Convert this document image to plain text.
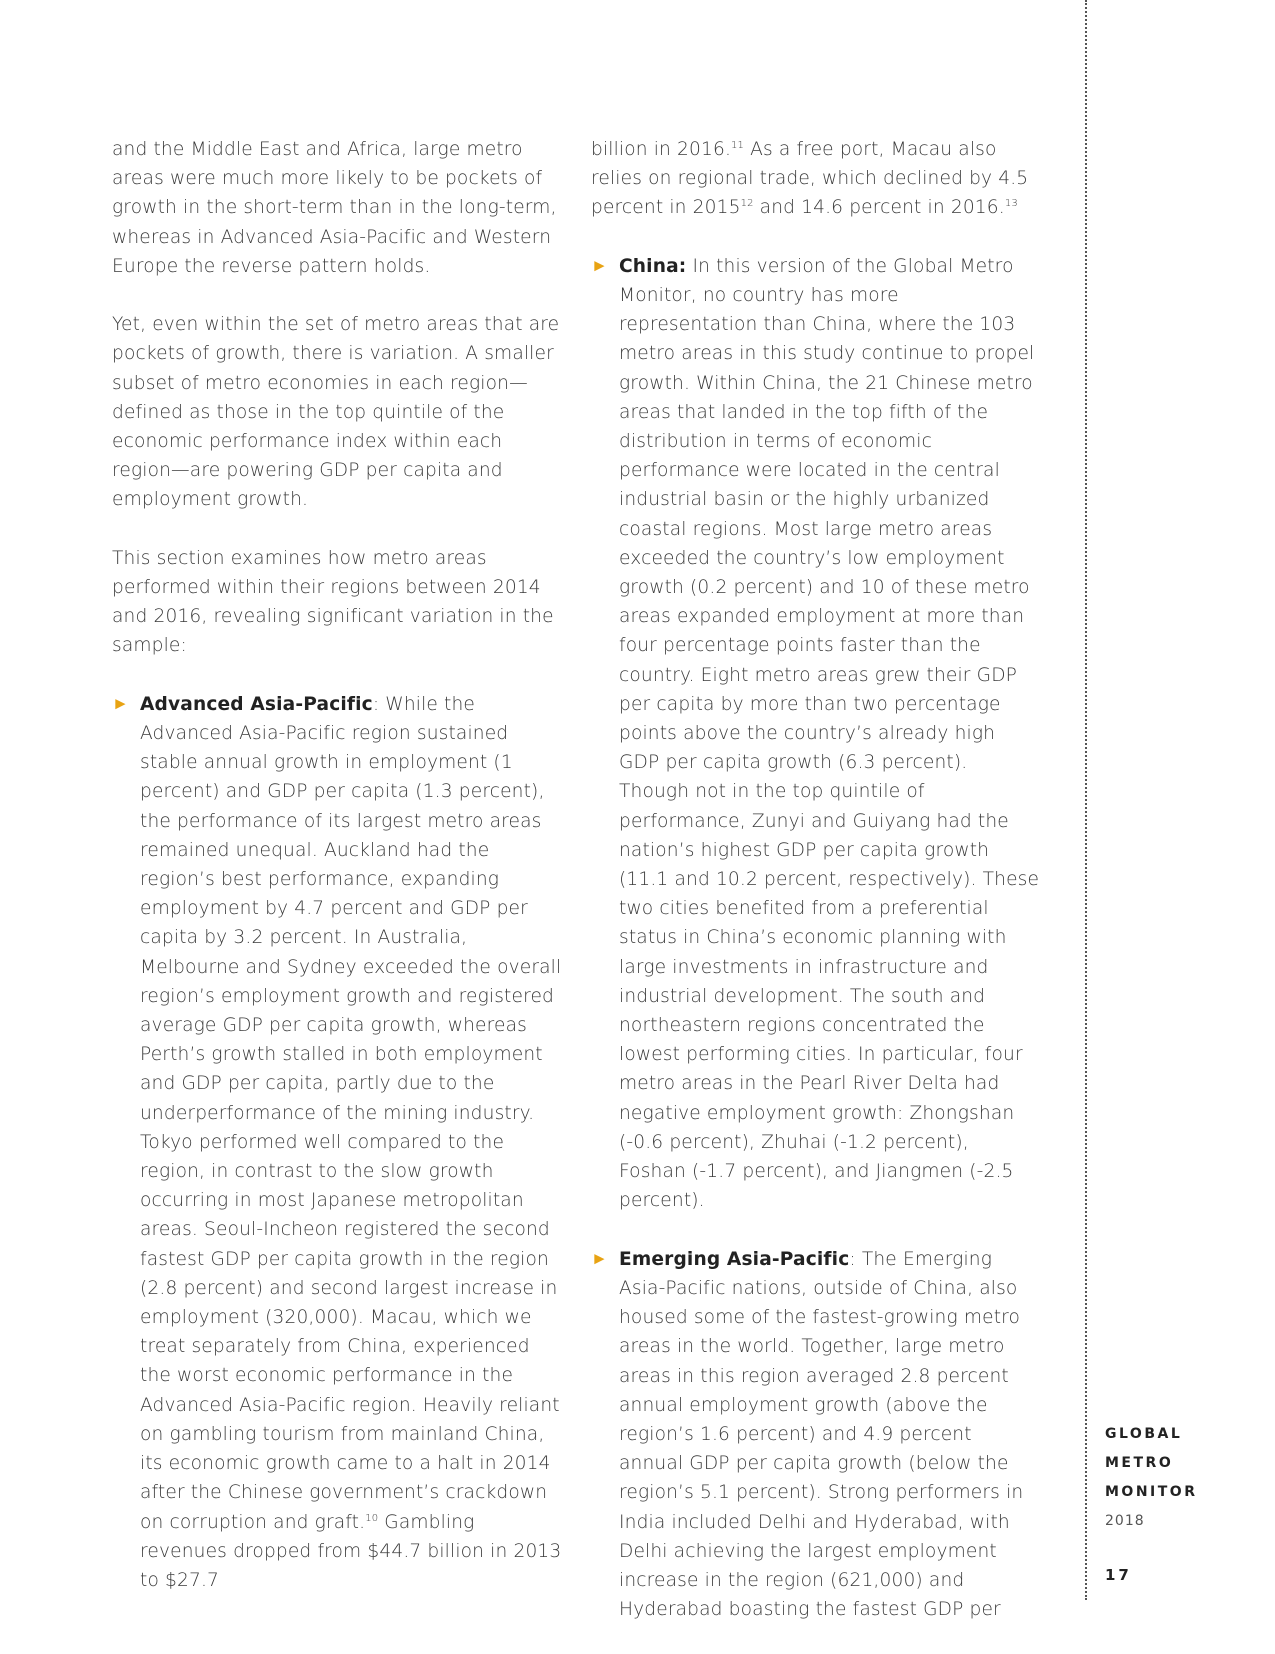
and the Middle East and Africa, large metro areas were much more likely to be pockets of growth in the short-term than in the long-term, whereas in Advanced Asia-Pacific and Western Europe the reverse pattern holds.

Yet, even within the set of metro areas that are pockets of growth, there is variation. A smaller subset of metro economies in each region—defined as those in the top quintile of the economic performance index within each region—are powering GDP per capita and employment growth.

This section examines how metro areas performed within their regions between 2014 and 2016, revealing significant variation in the sample:

► Advanced Asia-Pacific: While the Advanced Asia-Pacific region sustained stable annual growth in employment (1 percent) and GDP per capita (1.3 percent), the performance of its largest metro areas remained unequal. Auckland had the region’s best performance, expanding employment by 4.7 percent and GDP per capita by 3.2 percent. In Australia, Melbourne and Sydney exceeded the overall region’s employment growth and registered average GDP per capita growth, whereas Perth’s growth stalled in both employment and GDP per capita, partly due to the underperformance of the mining industry. Tokyo performed well compared to the region, in contrast to the slow growth occurring in most Japanese metropolitan areas. Seoul-Incheon registered the second fastest GDP per capita growth in the region (2.8 percent) and second largest increase in employment (320,000). Macau, which we treat separately from China, experienced the worst economic performance in the Advanced Asia-Pacific region. Heavily reliant on gambling tourism from mainland China, its economic growth came to a halt in 2014 after the Chinese government’s crackdown on corruption and graft.$^{10}$ Gambling revenues dropped from $44.7 billion in 2013 to $27.7

billion in 2016.11 As a free port, Macau also relies on regional trade, which declined by 4.5 percent in 2015$^{12}$ and 14.6 percent in 2016.13

► China: In this version of the Global Metro Monitor, no country has more representation than China, where the 103 metro areas in this study continue to propel growth. Within China, the 21 Chinese metro areas that landed in the top fifth of the distribution in terms of economic performance were located in the central industrial basin or the highly urbanized coastal regions. Most large metro areas exceeded the country’s low employment growth (0.2 percent) and 10 of these metro areas expanded employment at more than four percentage points faster than the country. Eight metro areas grew their GDP per capita by more than two percentage points above the country’s already high GDP per capita growth (6.3 percent). Though not in the top quintile of performance, Zunyi and Guiyang had the nation’s highest GDP per capita growth (11.1 and 10.2 percent, respectively). These two cities benefited from a preferential status in China’s economic planning with large investments in infrastructure and industrial development. The south and northeastern regions concentrated the lowest performing cities. In particular, four metro areas in the Pearl River Delta had negative employment growth: Zhongshan (-0.6 percent), Zhuhai (-1.2 percent), Foshan (-1.7 percent), and Jiangmen (-2.5 percent).
► Emerging Asia-Pacific: The Emerging Asia-Pacific nations, outside of China, also housed some of the fastest-growing metro areas in the world. Together, large metro areas in this region averaged 2.8 percent annual employment growth (above the region’s 1.6 percent) and 4.9 percent annual GDP per capita growth (below the region’s 5.1 percent). Strong performers in India included Delhi and Hyderabad, with Delhi achieving the largest employment increase in the region (621,000) and Hyderabad boasting the fastest GDP per
GLOBAL
METRO
MONITOR
2018
17
